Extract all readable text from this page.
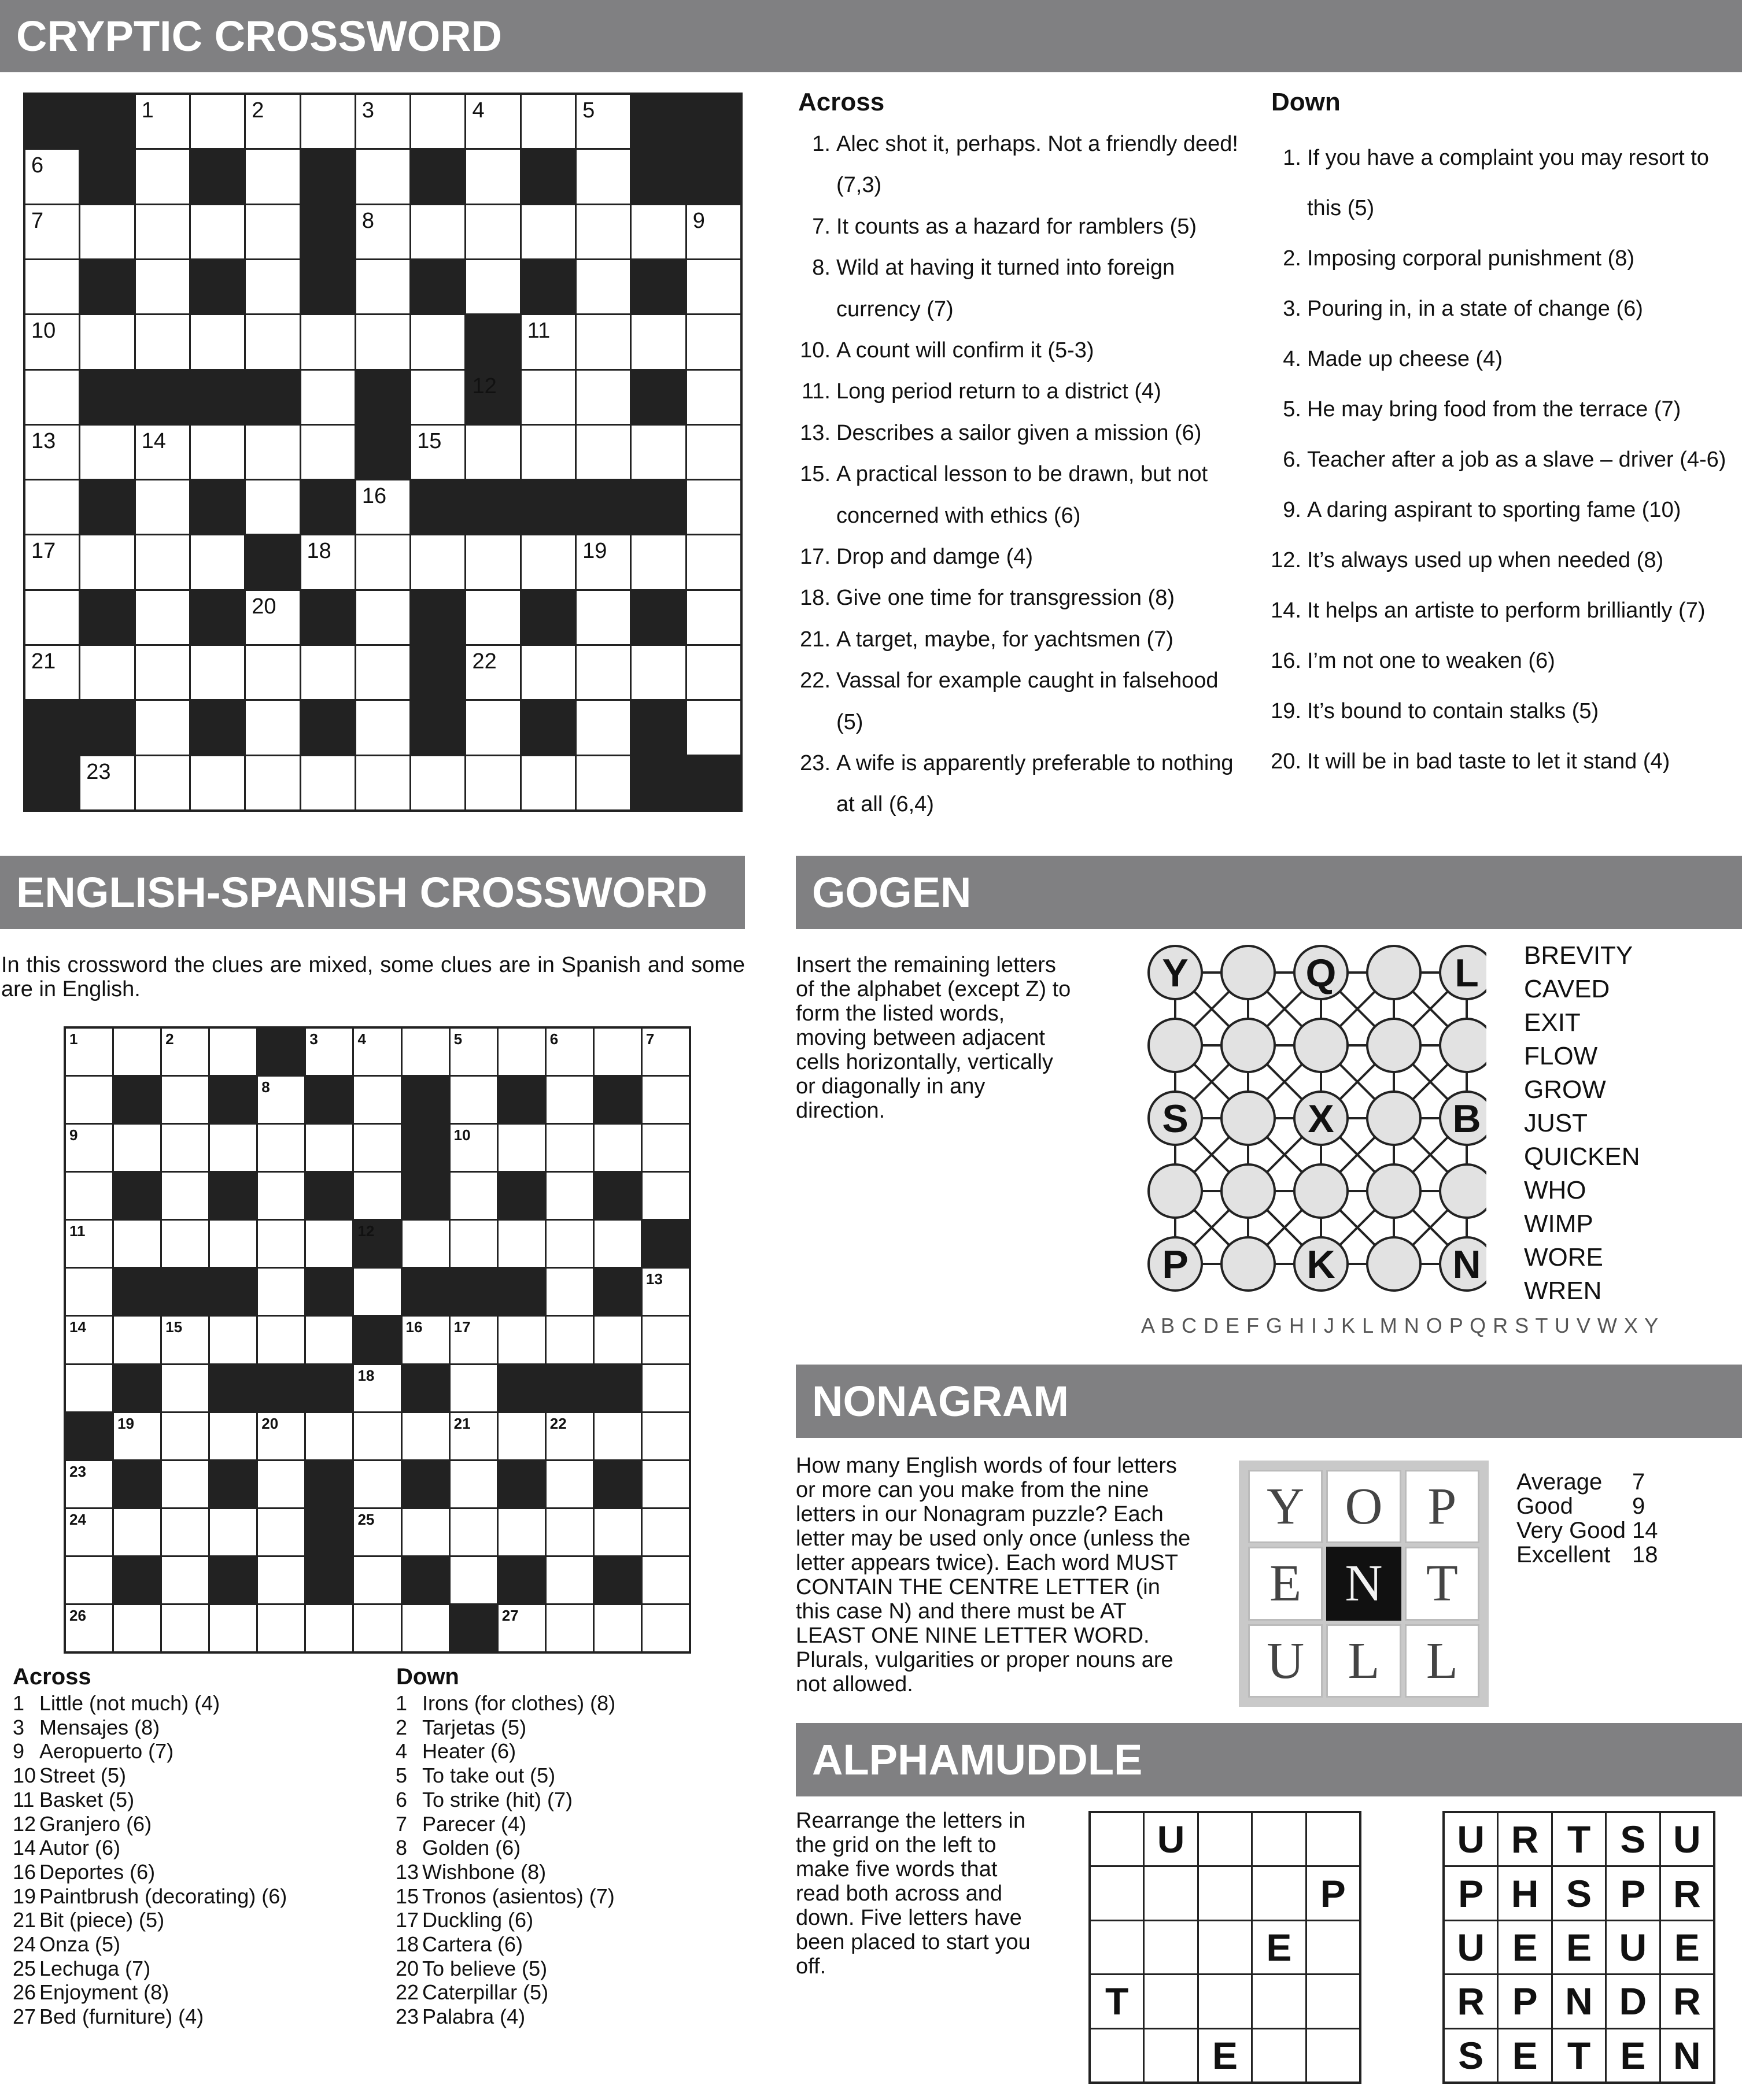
CRYPTIC CROSSWORD
1	2	3	4	5
6
7	8	9
10	11
12
13	14	15
16
17	18	19
20
21	22
23
Across
1. Alec shot it, perhaps. Not a friendly deed! (7,3)
7. It counts as a hazard for ramblers (5)
8. Wild at having it turned into foreign currency (7)
10. A count will confirm it (5-3)
11. Long period return to a district (4)
13. Describes a sailor given a mission (6)
15. A practical lesson to be drawn, but not concerned with ethics (6)
17. Drop and damge (4)
18. Give one time for transgression (8)
21. A target, maybe, for yachtsmen (7)
22. Vassal for example caught in falsehood (5)
23. A wife is apparently preferable to nothing at all (6,4)
Down
1. If you have a complaint you may resort to this (5)
2. Imposing corporal punishment (8)
3. Pouring in, in a state of change (6)
4. Made up cheese (4)
5. He may bring food from the terrace (7)
6. Teacher after a job as a slave – driver (4-6)
9. A daring aspirant to sporting fame (10)
12. It’s always used up when needed (8)
14. It helps an artiste to perform brilliantly (7)
16. I’m not one to weaken (6)
19. It’s bound to contain stalks (5)
20. It will be in bad taste to let it stand (4)
ENGLISH-SPANISH CROSSWORD
In this crossword the clues are mixed, some clues are in Spanish and some are in English.
1	2	3	4	5	6	7
8
9	10
11	12
13
14	15	16 17
18
19	20	21	22
23
24	25
26	27
Across
1 Little (not much) (4)
3 Mensajes (8)
9 Aeropuerto (7)
10 Street (5)
11 Basket (5)
12 Granjero (6)
14 Autor (6)
16 Deportes (6)
19 Paintbrush (decorating) (6)
21 Bit (piece) (5)
24 Onza (5)
25 Lechuga (7)
26 Enjoyment (8)
27 Bed (furniture) (4)
Down
1 Irons (for clothes) (8)
2 Tarjetas (5)
4 Heater (6)
5 To take out (5)
6 To strike (hit) (7)
7 Parecer (4)
8 Golden (6)
13 Wishbone (8)
15 Tronos (asientos) (7)
17 Duckling (6)
18 Cartera (6)
20 To believe (5)
22 Caterpillar (5)
23 Palabra (4)
GOGEN
Insert the remaining letters of the alphabet (except Z) to form the listed words, moving between adjacent cells horizontally, vertically or diagonally in any direction.
Y	Q	L
S	X	B
P	K	N
BREVITY
CAVED
EXIT
FLOW
GROW
JUST
QUICKEN
WHO
WIMP
WORE
WREN
A B C D E F G H I J K L M N O P Q R S T U V W X Y
NONAGRAM
How many English words of four letters or more can you make from the nine letters in our Nonagram puzzle? Each letter may be used only once (unless the letter appears twice). Each word MUST CONTAIN THE CENTRE LETTER (in this case N) and there must be AT LEAST ONE NINE LETTER WORD. Plurals, vulgarities or proper nouns are not allowed.
Y O P
E N T
U L L
Average 7
Good	9
Very Good 14
Excellent 18
ALPHAMUDDLE
Rearrange the letters in the grid on the left to make five words that read both across and down. Five letters have been placed to start you off.
U
P
E
T
E
U R T S U
P H S P R
U E E U E
R P N D R
S E T E N
